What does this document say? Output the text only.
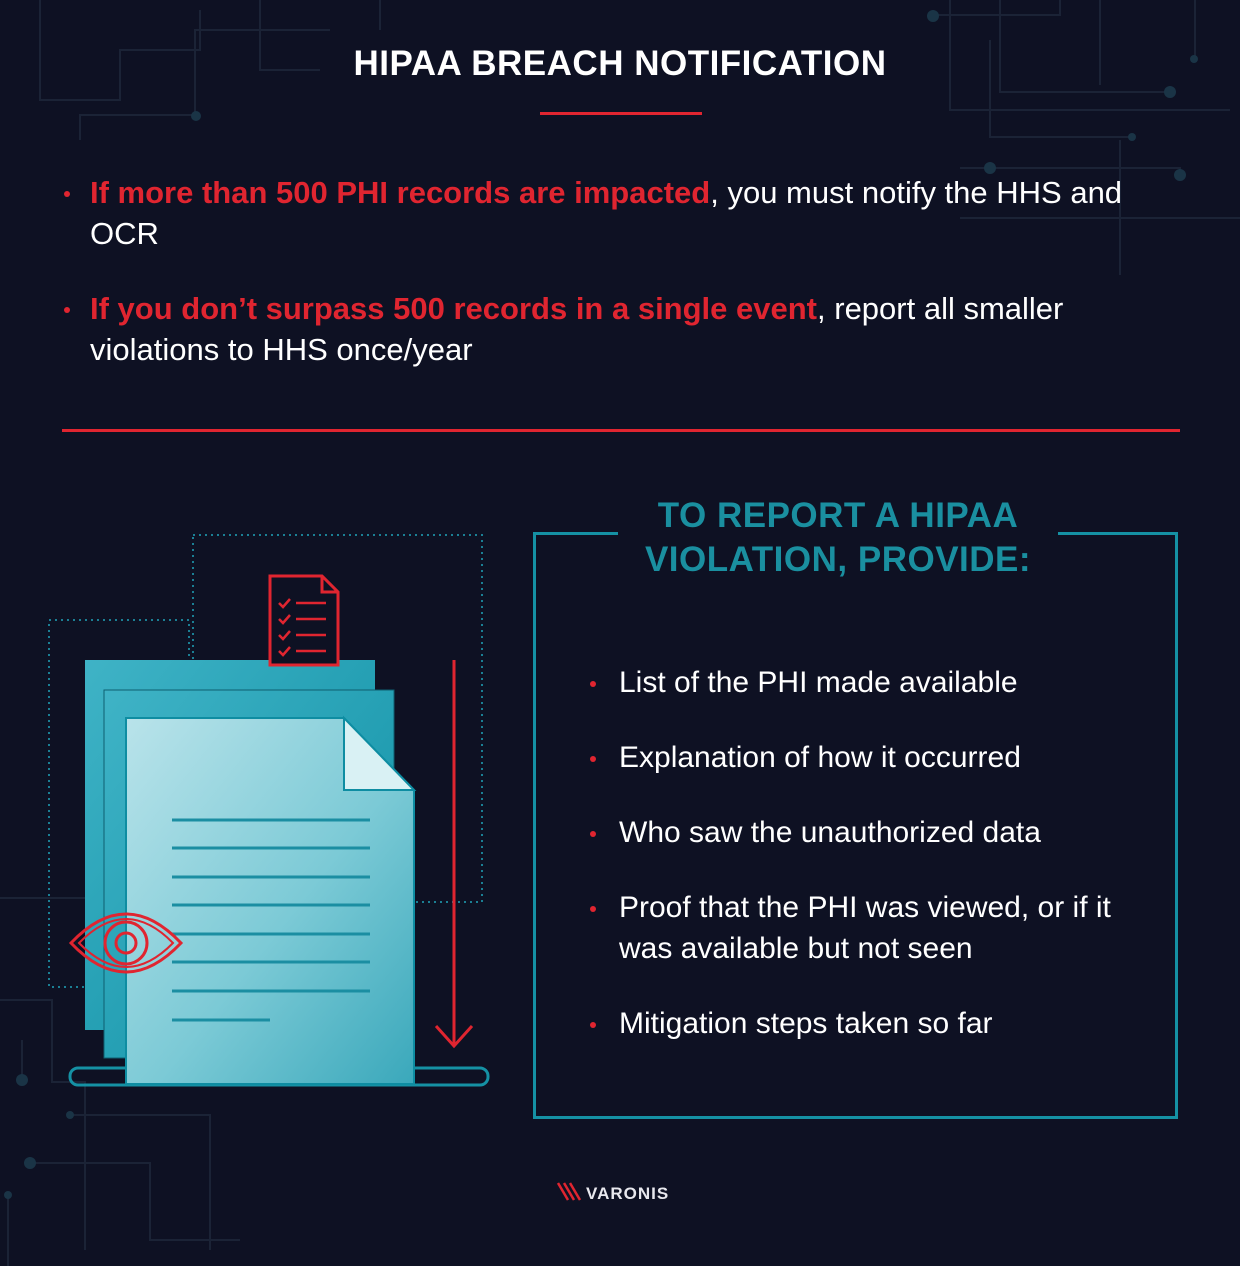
HIPAA BREACH NOTIFICATION
If more than 500 PHI records are impacted, you must notify the HHS and OCR
If you don’t surpass 500 records in a single event, report all smaller violations to HHS once/year
TO REPORT A HIPAA
VIOLATION, PROVIDE:
List of the PHI made available
Explanation of how it occurred
Who saw the unauthorized data
Proof that the PHI was viewed, or if it was available but not seen
Mitigation steps taken so far
VARONIS
